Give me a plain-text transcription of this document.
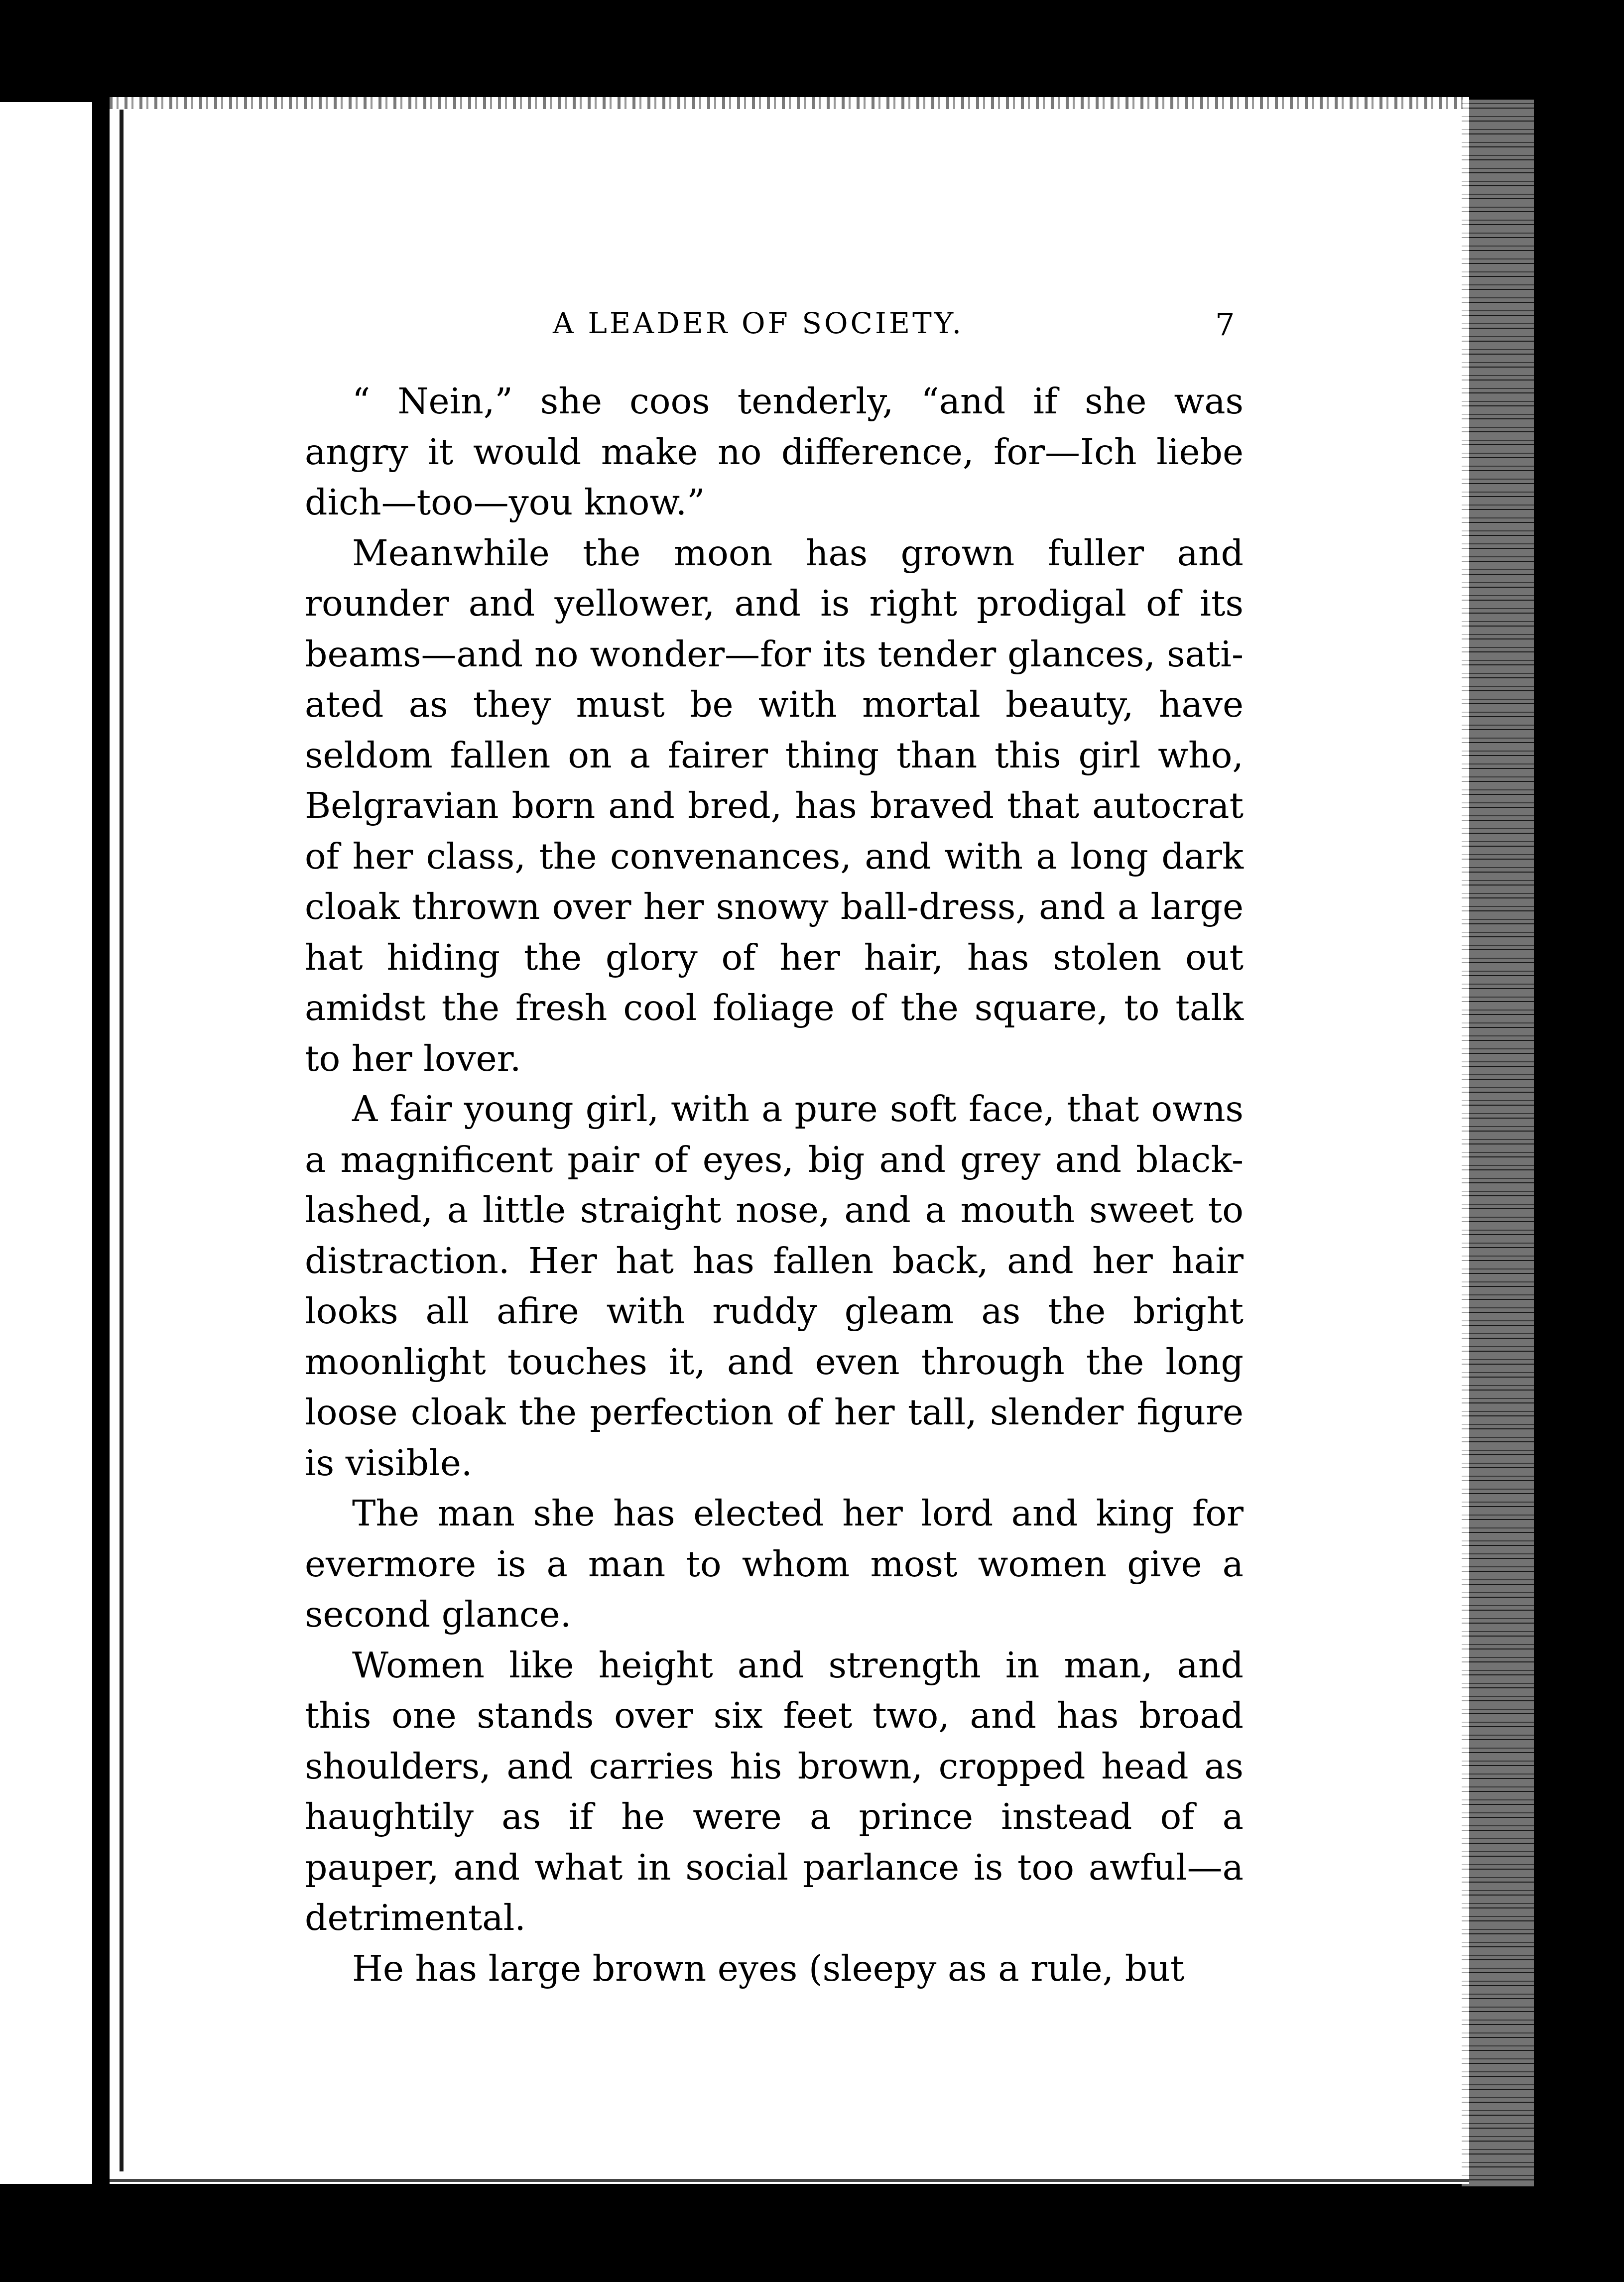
A LEADER OF SOCIETY.	7
“ Nein,” she coos tenderly, “and if she was
angry it would make no difference, for—Ich liebe
dich—too—you know.”
Meanwhile the moon has grown fuller and
rounder and yellower, and is right prodigal of its
beams—and no wonder—for its tender glances, sati-
ated as they must be with mortal beauty, have
seldom fallen on a fairer thing than this girl who,
Belgravian born and bred, has braved that autocrat
of her class, the convenances, and with a long dark
cloak thrown over her snowy ball-dress, and a large
hat hiding the glory of her hair, has stolen out
amidst the fresh cool foliage of the square, to talk
to her lover.
A fair young girl, with a pure soft face, that owns
a magnificent pair of eyes, big and grey and black-
lashed, a little straight nose, and a mouth sweet to
distraction. Her hat has fallen back, and her hair
looks all afire with ruddy gleam as the bright
moonlight touches it, and even through the long
loose cloak the perfection of her tall, slender figure
is visible.
The man she has elected her lord and king for
evermore is a man to whom most women give a
second glance.
Women like height and strength in man, and
this one stands over six feet two, and has broad
shoulders, and carries his brown, cropped head as
haughtily as if he were a prince instead of a
pauper, and what in social parlance is too awful—a
detrimental.
He has large brown eyes (sleepy as a rule, but
